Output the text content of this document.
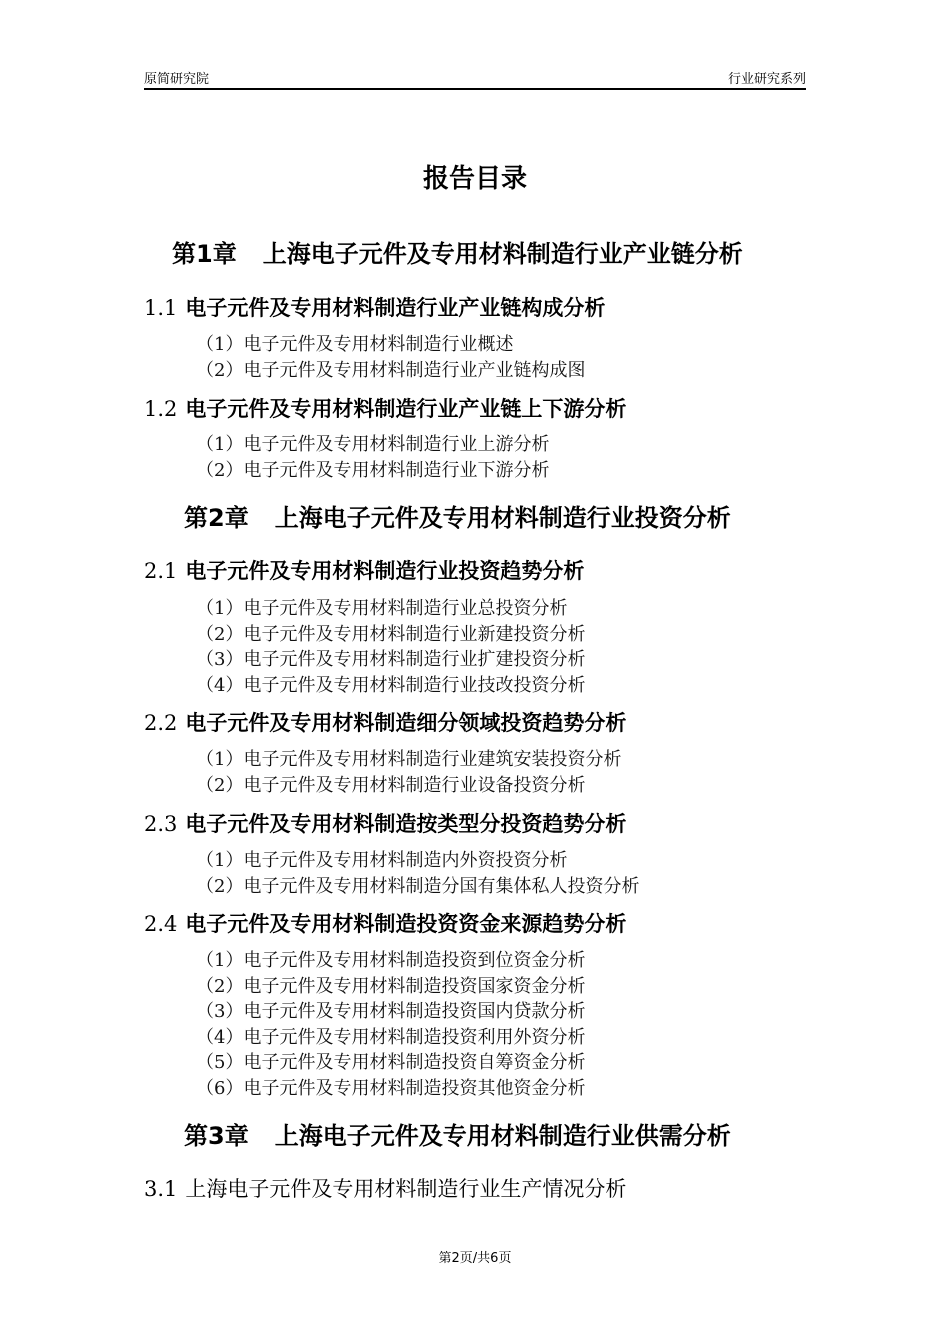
原简研究院	行业研究系列
报告目录
第1章 上海电子元件及专用材料制造行业产业链分析
1.1 电子元件及专用材料制造行业产业链构成分析
（1）电子元件及专用材料制造行业概述
（2）电子元件及专用材料制造行业产业链构成图
1.2 电子元件及专用材料制造行业产业链上下游分析
（1）电子元件及专用材料制造行业上游分析
（2）电子元件及专用材料制造行业下游分析
第2章 上海电子元件及专用材料制造行业投资分析
2.1 电子元件及专用材料制造行业投资趋势分析
（1）电子元件及专用材料制造行业总投资分析
（2）电子元件及专用材料制造行业新建投资分析
（3）电子元件及专用材料制造行业扩建投资分析
（4）电子元件及专用材料制造行业技改投资分析
2.2 电子元件及专用材料制造细分领域投资趋势分析
（1）电子元件及专用材料制造行业建筑安装投资分析
（2）电子元件及专用材料制造行业设备投资分析
2.3 电子元件及专用材料制造按类型分投资趋势分析
（1）电子元件及专用材料制造内外资投资分析
（2）电子元件及专用材料制造分国有集体私人投资分析
2.4 电子元件及专用材料制造投资资金来源趋势分析
（1）电子元件及专用材料制造投资到位资金分析
（2）电子元件及专用材料制造投资国家资金分析
（3）电子元件及专用材料制造投资国内贷款分析
（4）电子元件及专用材料制造投资利用外资分析
（5）电子元件及专用材料制造投资自筹资金分析
（6）电子元件及专用材料制造投资其他资金分析
第3章 上海电子元件及专用材料制造行业供需分析
3.1 上海电子元件及专用材料制造行业生产情况分析
第2页/共6页
